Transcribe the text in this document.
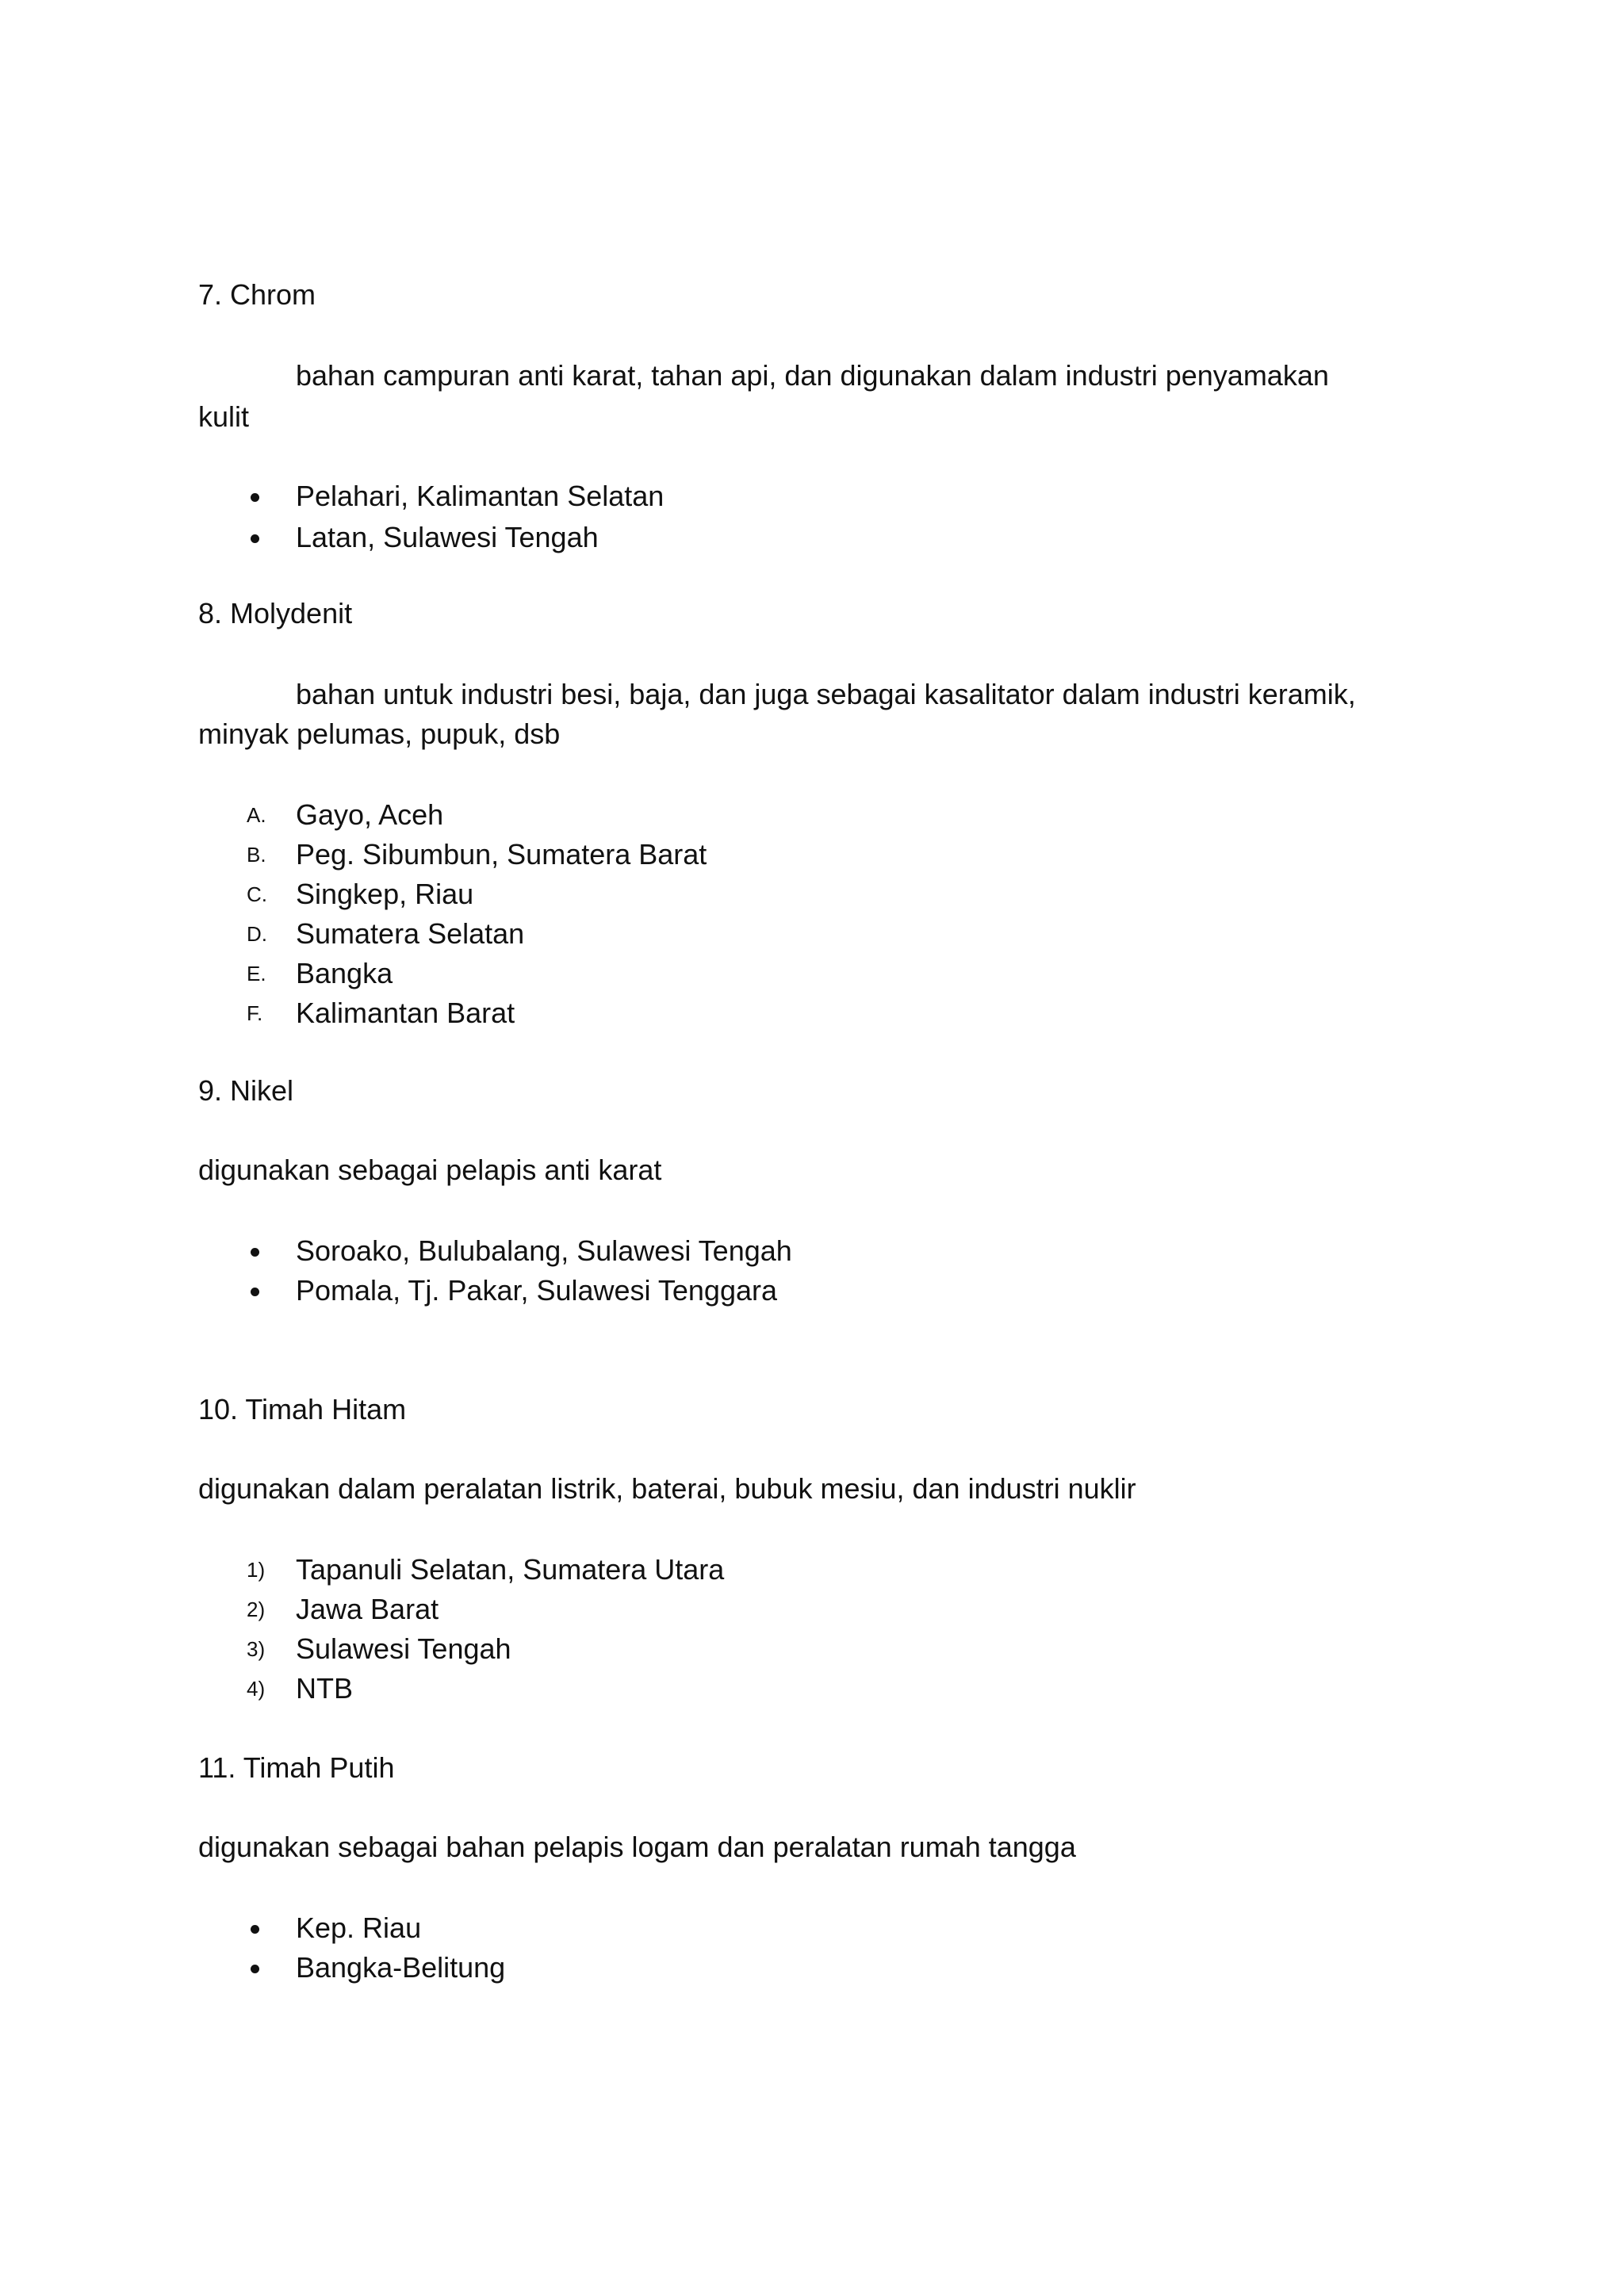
7. Chrom
bahan campuran anti karat, tahan api, dan digunakan dalam industri penyamakan
kulit
Pelahari, Kalimantan Selatan
Latan, Sulawesi Tengah
8. Molydenit
bahan untuk industri besi, baja, dan juga sebagai kasalitator dalam industri keramik,
minyak pelumas, pupuk, dsb
A. Gayo, Aceh
B. Peg. Sibumbun, Sumatera Barat
C. Singkep, Riau
D. Sumatera Selatan
E. Bangka
F. Kalimantan Barat
9. Nikel
digunakan sebagai pelapis anti karat
Soroako, Bulubalang, Sulawesi Tengah
Pomala, Tj. Pakar, Sulawesi Tenggara
10. Timah Hitam
digunakan dalam peralatan listrik, baterai, bubuk mesiu, dan industri nuklir
1) Tapanuli Selatan, Sumatera Utara
2) Jawa Barat
3) Sulawesi Tengah
4) NTB
11. Timah Putih
digunakan sebagai bahan pelapis logam dan peralatan rumah tangga
Kep. Riau
Bangka-Belitung
